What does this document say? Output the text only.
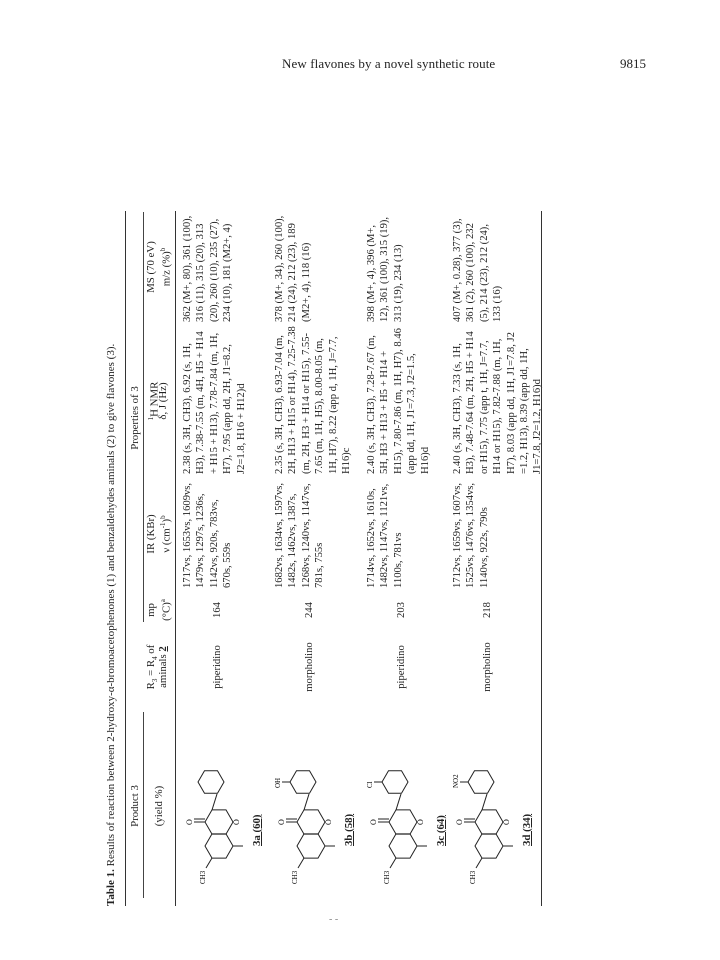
New flavones by a novel synthetic route	9815
Table 1. Results of reaction between 2-hydroxy-α-bromoacetophenones (1) and benzaldehydes aminals (2) to give flavones (3). Product 3 (yield %)
$R_3 = R_4$ of
aminals 2
Properties of 3
mp $(^\circ C)^a$
IR (KBr) ν $(cm^{-1})^b$
$^1$H NMR
δ, J (Hz)
MS (70 eV) m/z (%)$^b$
O	O
CH3
3a (60)
piperidino
164
1717vs, 1653vs, 1609vs, 1479vs, 1297s, 1236s, 1142vs, 920s, 783vs, 670s, 559s
2.38 (s, 3H, CH3), 6.92 (s, 1H, H3), 7.38-7.55 (m, 4H, H5 + H14 + H15 + H13), 7.78-7.84 (m, 1H, H7), 7.95 (app dd, 2H, J1=8.2, J2=1.8, H16 + H12)d
362 (M+, 80), 361 (100), 316 (11), 315 (20), 313 (20), 260 (10), 235 (27), 234 (10), 181 (M2+, 4)
O	O
CH3
OH
3b (58)
morpholino
244
1682vs, 1634vs, 1597vs, 1482s, 1462vs, 1387s, 1268vs, 1240vs, 1147vs, 781s, 755s
2.35 (s, 3H, CH3), 6.93-7.04 (m, 2H, H13 + H15 or H14), 7.25-7.38 (m, 2H, H3 + H14 or H15), 7.55-7.65 (m, 1H, H5), 8.00-8.05 (m, 1H, H7), 8.22 (app d, 1H, J=7.7, H16)c
378 (M+, 34), 260 (100), 214 (24), 212 (23), 189 (M2+, 4), 118 (16)
O	O
CH3
Cl
3c (64)
piperidino
203
1714vs, 1652vs, 1610s, 1482vs, 1147vs, 1121vs, 1100s, 781vs
2.40 (s, 3H, CH3), 7.28-7.67 (m, 5H, H3 + H13 + H5 + H14 + H15), 7.80-7.86 (m, 1H, H7), 8.46 (app dd, 1H, J1=7.3, J2=1.5, H16)d
398 (M+, 4), 396 (M+, 12), 361 (100), 315 (19), 313 (19), 234 (13)
O	O
CH3
NO2
3d (34)
morpholino
218
1712vs, 1659vs, 1607vs, 1525vs, 1476vs, 1354vs, 1140vs, 922s, 790s
2.40 (s, 3H, CH3), 7.33 (s, 1H, H3), 7.48-7.64 (m, 2H, H5 + H14 or H15), 7.75 (app t, 1H, J=7.7, H14 or H15), 7.82-7.88 (m, 1H, H7), 8.03 (app dd, 1H, J1=7.8, J2 =1.2, H13), 8.39 (app dd, 1H, J1=7.8, J2=1.2, H16)d
407 (M+, 0.28), 377 (3), 361 (2), 260 (100), 232 (5), 214 (23), 212 (24), 133 (16)
- -
